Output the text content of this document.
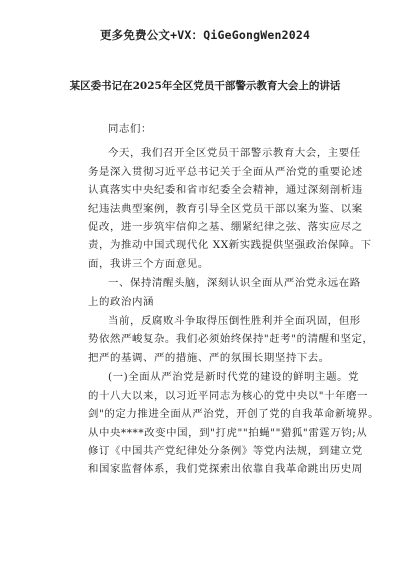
更多免费公文+VX：QiGeGongWen2024
某区委书记在2025年全区党员干部警示教育大会上的讲话
同志们：
今天，我们召开全区党员干部警示教育大会，主要任
务是深入贯彻习近平总书记关于全面从严治党的重要论述
认真落实中央纪委和省市纪委全会精神，通过深刻剖析违
纪违法典型案例，教育引导全区党员干部以案为鉴、以案
促改，进一步筑牢信仰之基、绷紧纪律之弦、落实应尽之
责，为推动中国式现代化 XX新实践提供坚强政治保障。下
面，我讲三个方面意见。
一、保持清醒头脑，深刻认识全面从严治党永远在路
上的政治内涵
当前，反腐败斗争取得压倒性胜利并全面巩固，但形
势依然严峻复杂。我们必须始终保持"赶考"的清醒和坚定，
把严的基调、严的措施、严的氛围长期坚持下去。
(一)全面从严治党是新时代党的建设的鲜明主题。党
的十八大以来，以习近平同志为核心的党中央以"十年磨一
剑"的定力推进全面从严治党，开创了党的自我革命新境界。
从中央****改变中国，到"打虎""拍蝇""猎狐"雷霆万钧;从
修订《中国共产党纪律处分条例》等党内法规，到建立党
和国家监督体系，我们党探索出依靠自我革命跳出历史周
